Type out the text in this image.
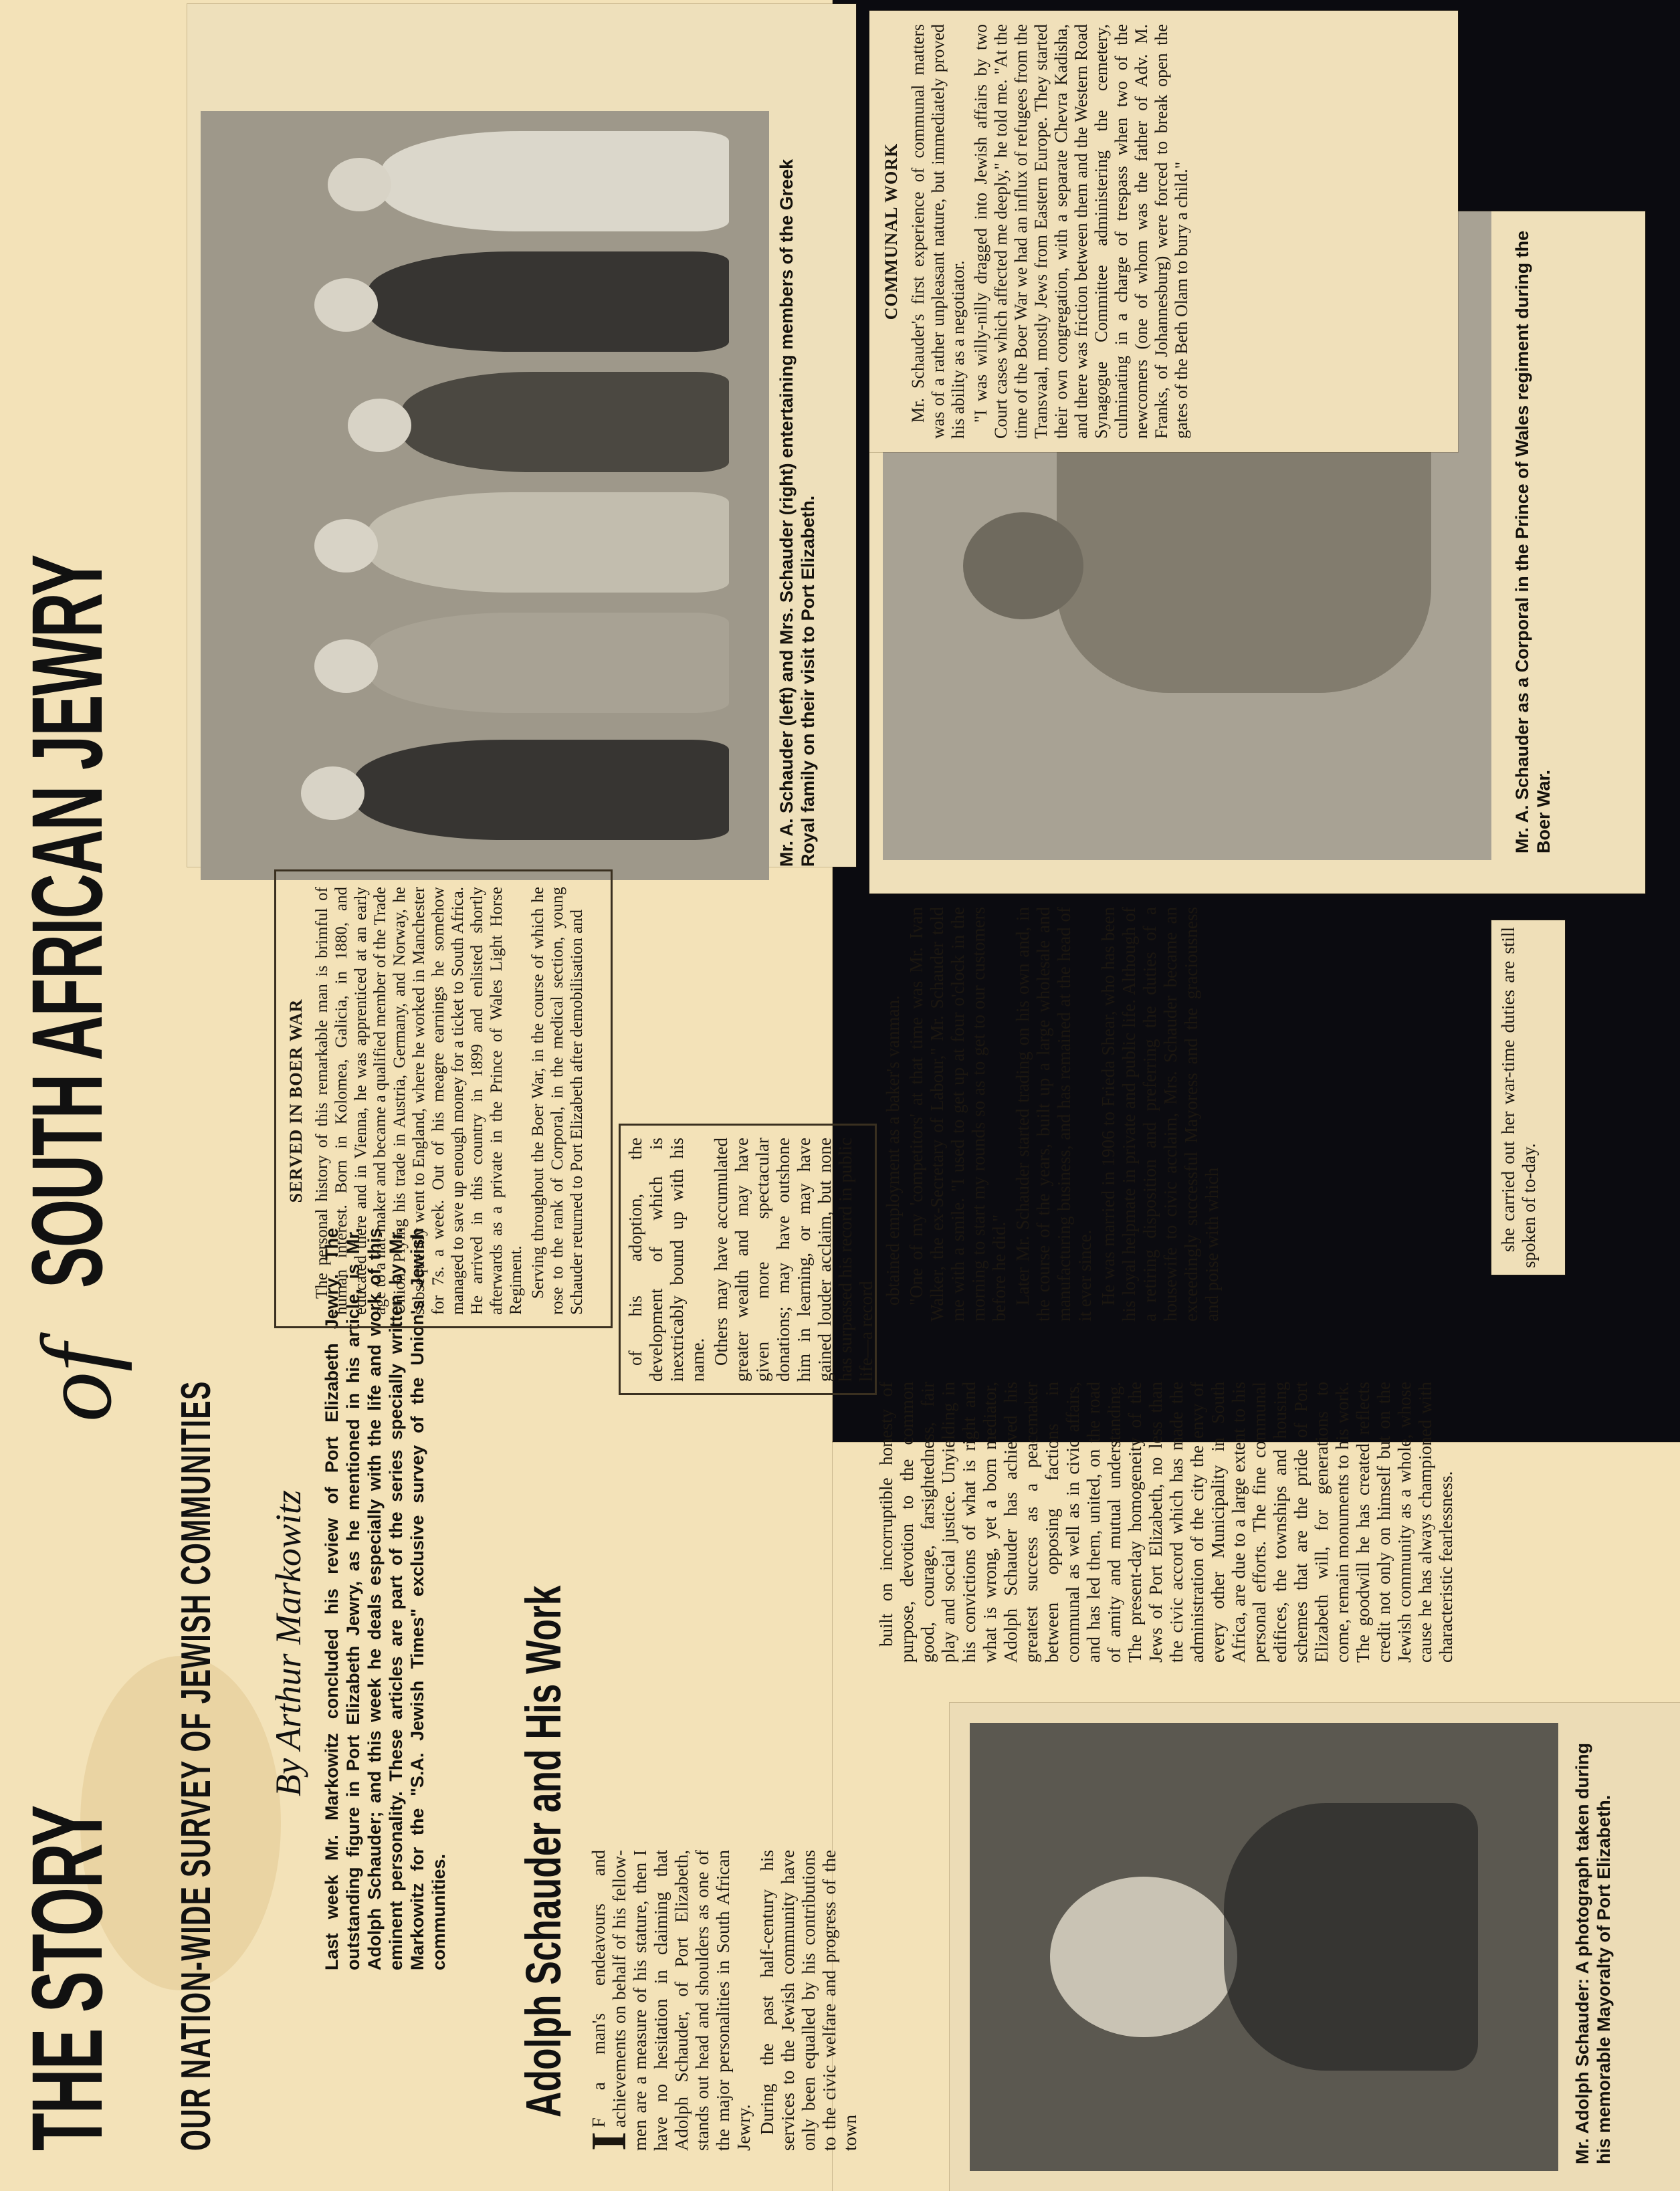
THE STORY
of
SOUTH AFRICAN JEWRY
OUR NATION-WIDE SURVEY OF JEWISH COMMUNITIES By Arthur Markowitz Last week Mr. Markowitz concluded his review of Port Elizabeth Jewry. The outstanding figure in Port Elizabeth Jewry, as he mentioned in his article, is Mr. Adolph Schauder; and this week he deals especially with the life and work of this eminent personality. These articles are part of the series specially written by Mr. Markowitz for the "S.A. Jewish Times" exclusive survey of the Union's Jewish communities. Adolph Schauder and His Work

I
F a man's endeavours and achievements on behalf of his fellow-men are a measure of his stature, then I have no hesitation in claiming that Adolph Schauder, of Port Elizabeth, stands out head and shoulders as one of the major personalities in South African Jewry. During the past half-century his services to the Jewish community have only been equalled by his contributions to the civic welfare and progress of the town	Mr. Adolph Schauder: A photograph taken during his memorable Mayoralty of Port Elizabeth.

of his adoption, the development of which is inextricably bound up with his name. Others may have accumulated greater wealth and may have given more spectacular donations; may have outshone him in learning, or may have gained louder acclaim, but none has surpassed his record in public life—a record

built on incorruptible honesty of purpose, devotion to the common good, courage, farsightedness, fair play and social justice. Unyielding in his convictions of what is right and what is wrong, yet a born mediator, Adolph Schauder has achieved his greatest success as a peacemaker between opposing factions in communal as well as in civic affairs, and has led them, united, on the road of amity and mutual understanding. The present-day homogeneity of the Jews of Port Elizabeth, no less than the civic accord which has made the administration of the city the envy of every other Municipality in South Africa, are due to a large extent to his personal efforts. The fine communal edifices, the townships and housing schemes that are the pride of Port Elizabeth will, for generations to come, remain monuments to his work. The goodwill he has created reflects credit not only on himself but on the Jewish community as a whole, whose cause he has always championed with characteristic fearlessness.

Mr. A. Schauder (left) and Mrs. Schauder (right) entertaining members of the Greek Royal family on their visit to Port Elizabeth.

SERVED IN BOER WAR The personal history of this remarkable man is brimful of human interest. Born in Kolomea, Galicia, in 1880, and educated there and in Vienna, he was apprenticed at an early age to a hat-maker and became a qualified member of the Trade Union. Plying his trade in Austria, Germany, and Norway, he subsequently went to England, where he worked in Manchester for 7s. a week. Out of his meagre earnings he somehow managed to save up enough money for a ticket to South Africa. He arrived in this country in 1899 and enlisted shortly afterwards as a private in the Prince of Wales Light Horse Regiment. Serving throughout the Boer War, in the course of which he rose to the rank of Corporal, in the medical section, young Schauder returned to Port Elizabeth after demobilisation and

Mr. A. Schauder as a Corporal in the Prince of Wales regiment during the Boer War.

obtained employment as a baker's vanman. "One of my 'competitors' at that time was Mr. Ivan Walker, the ex-Secretary of Labour," Mr. Schauder told me with a smile. "I used to get up at four o'clock in the morning to start my rounds so as to get to our customers before he did." Later Mr. Schauder started trading on his own and, in the course of the years, built up a large wholesale and manufacturing business, and has remained at the head of it ever since. He was married in 1906 to Frieda Shear, who has been his loyal helpmate in private and public life. Although of a retiring disposition and preferring the duties of a housewife to civic acclaim, Mrs. Schauder became an exceedingly successful Mayoress and the graciousness and poise with which	she carried out her war-time duties are still spoken of to-day.

COMMUNAL WORK Mr. Schauder's first experience of communal matters was of a rather unpleasant nature, but immediately proved his ability as a negotiator. "I was willy-nilly dragged into Jewish affairs by two Court cases which affected me deeply," he told me. "At the time of the Boer War we had an influx of refugees from the Transvaal, mostly Jews from Eastern Europe. They started their own congregation, with a separate Chevra Kadisha, and there was friction between them and the Western Road Synagogue Committee administering the cemetery, culminating in a charge of trespass when two of the newcomers (one of whom was the father of Adv. M. Franks, of Johannesburg) were forced to break open the gates of the Beth Olam to bury a child."
